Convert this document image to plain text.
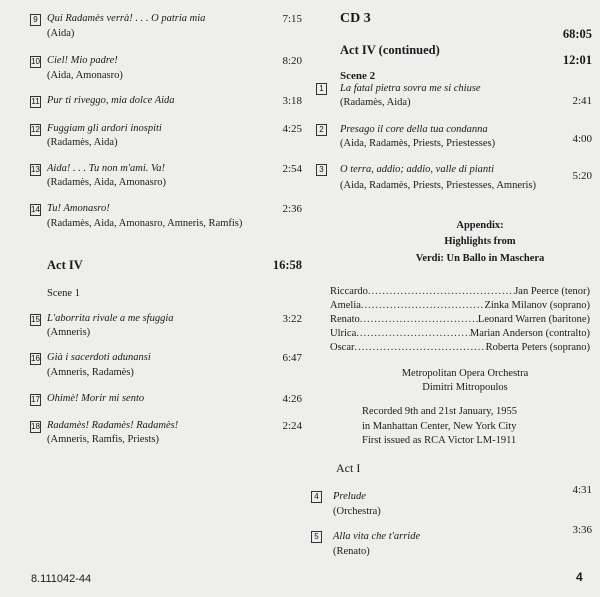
9 Qui Radamès verrà! . . . O patria mia
(Aida)
7:15
10 Ciel! Mio padre!
(Aida, Amonasro)
8:20
11 Pur ti riveggo, mia dolce Aida	3:18
12 Fuggiam gli ardori inospiti
(Radamès, Aida)
4:25
13 Aida! . . . Tu non m'ami. Va!
(Radamès, Aida, Amonasro)
2:54
14 Tu! Amonasro!
(Radamès, Aida, Amonasro, Amneris, Ramfis)
2:36
Act IV	16:58
Scene 1
15 L'aborrita rivale a me sfuggia
(Amneris)
3:22
16 Già i sacerdoti adunansi
(Amneris, Radamès)
6:47
17 Ohimè! Morir mi sento	4:26
18 Radamès! Radamès! Radamès!
(Amneris, Ramfis, Priests)
2:24
8.111042-44
CD 3
68:05
Act IV (continued)
12:01
Scene 2
1	La fatal pietra sovra me si chiuse
(Radamès, Aida)	2:41
2	Presago il core della tua condanna
(Aida, Radamès, Priests, Priestesses)	4:00
3	O terra, addio; addio, valle di pianti
(Aida, Radamès, Priests, Priestesses, Amneris)
5:20
Appendix:
Highlights from
Verdi: Un Ballo in Maschera
Riccardo .....	Jan Peerce (tenor)
Amelia .....	Zinka Milanov (soprano)
Renato .....	Leonard Warren (baritone)
Ulrica .....	Marian Anderson (contralto)
Oscar .....	Roberta Peters (soprano)
Metropolitan Opera Orchestra
Dimitri Mitropoulos
Recorded 9th and 21st January, 1955
in Manhattan Center, New York City
First issued as RCA Victor LM-1911
Act I
4	Prelude
(Orchestra)
4:31
5	Alla vita che t'arride
(Renato)
3:36
4
